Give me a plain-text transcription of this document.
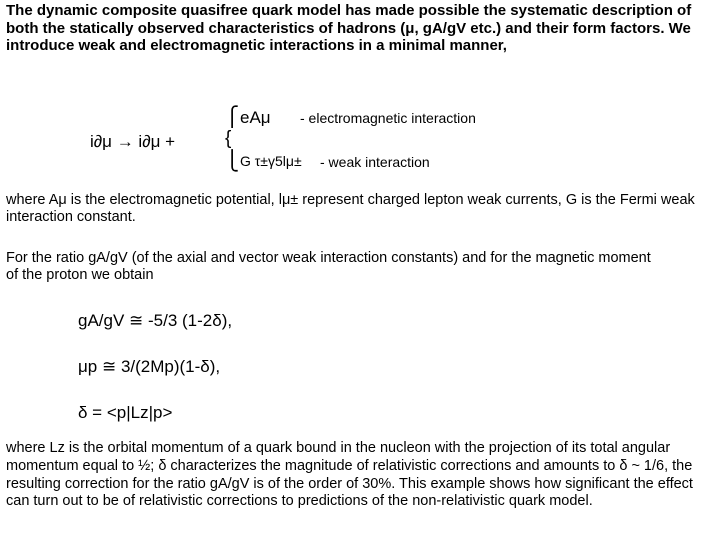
The dynamic composite quasifree quark model has made possible the systematic description of both the statically observed characteristics of hadrons (μ, gA/gV etc.) and their form factors. We introduce weak and electromagnetic interactions in a minimal manner,
i∂μ → i∂μ +
⎧
{
⎩
eAμ - electromagnetic interaction
G τ±γ5lμ± - weak interaction
where Aμ is the electromagnetic potential, lμ± represent charged lepton weak currents, G is the Fermi weak interaction constant.
For the ratio gA/gV (of the axial and vector weak interaction constants) and for the magnetic moment of the proton we obtain
gA/gV ≅ -5/3 (1-2δ),
μp ≅ 3/(2Mp)(1-δ),
δ = <p|Lz|p>
where Lz is the orbital momentum of a quark bound in the nucleon with the projection of its total angular momentum equal to ½; δ characterizes the magnitude of relativistic corrections and amounts to δ ~ 1/6, the resulting correction for the ratio gA/gV is of the order of 30%. This example shows how significant the effect can turn out to be of relativistic corrections to predictions of the non-relativistic quark model.
